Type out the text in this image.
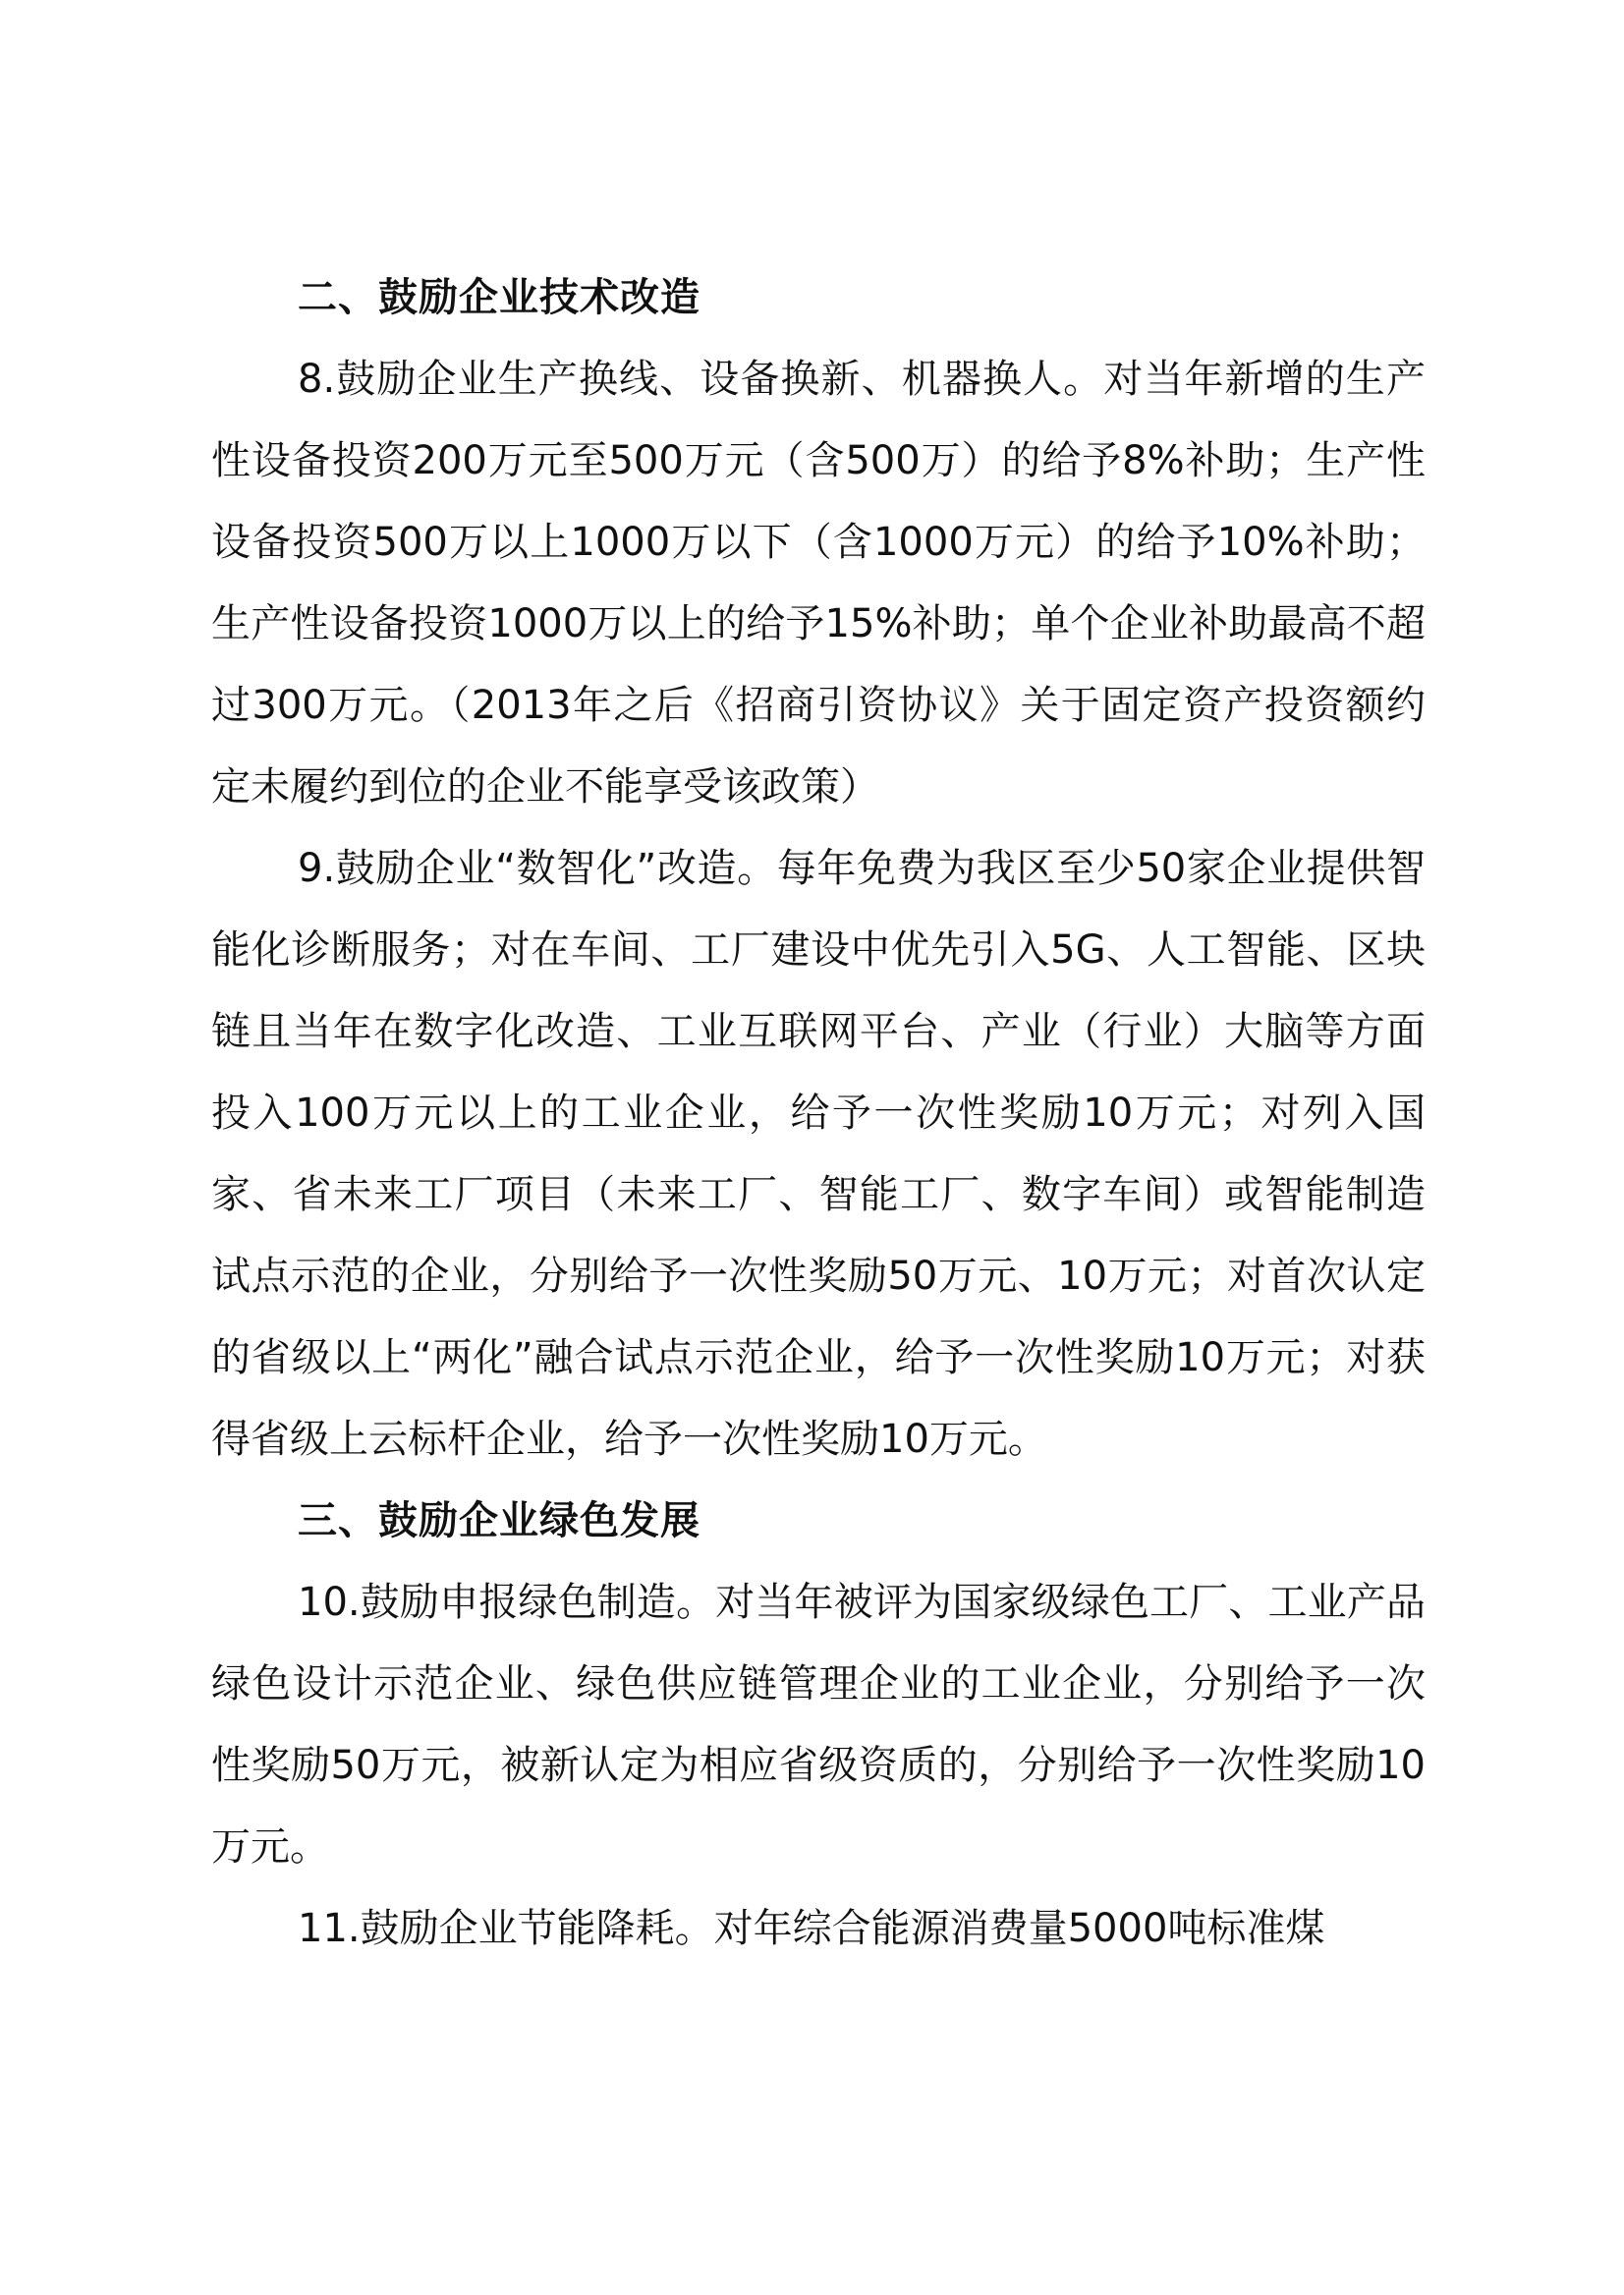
二、鼓励企业技术改造

8.鼓励企业生产换线、设备换新、机器换人。对当年新增的生产性设备投资200万元至500万元（含500万）的给予8%补助；生产性设备投资500万以上1000万以下（含1000万元）的给予10%补助；生产性设备投资1000万以上的给予15%补助；单个企业补助最高不超过300万元。（2013年之后《招商引资协议》关于固定资产投资额约定未履约到位的企业不能享受该政策）

9.鼓励企业“数智化”改造。每年免费为我区至少50家企业提供智能化诊断服务；对在车间、工厂建设中优先引入5G、人工智能、区块链且当年在数字化改造、工业互联网平台、产业（行业）大脑等方面投入100万元以上的工业企业，给予一次性奖励10万元；对列入国家、省未来工厂项目（未来工厂、智能工厂、数字车间）或智能制造试点示范的企业，分别给予一次性奖励50万元、10万元；对首次认定的省级以上“两化”融合试点示范企业，给予一次性奖励10万元；对获得省级上云标杆企业，给予一次性奖励10万元。

三、鼓励企业绿色发展

10.鼓励申报绿色制造。对当年被评为国家级绿色工厂、工业产品绿色设计示范企业、绿色供应链管理企业的工业企业，分别给予一次性奖励50万元，被新认定为相应省级资质的，分别给予一次性奖励10万元。

11.鼓励企业节能降耗。对年综合能源消费量5000吨标准煤
